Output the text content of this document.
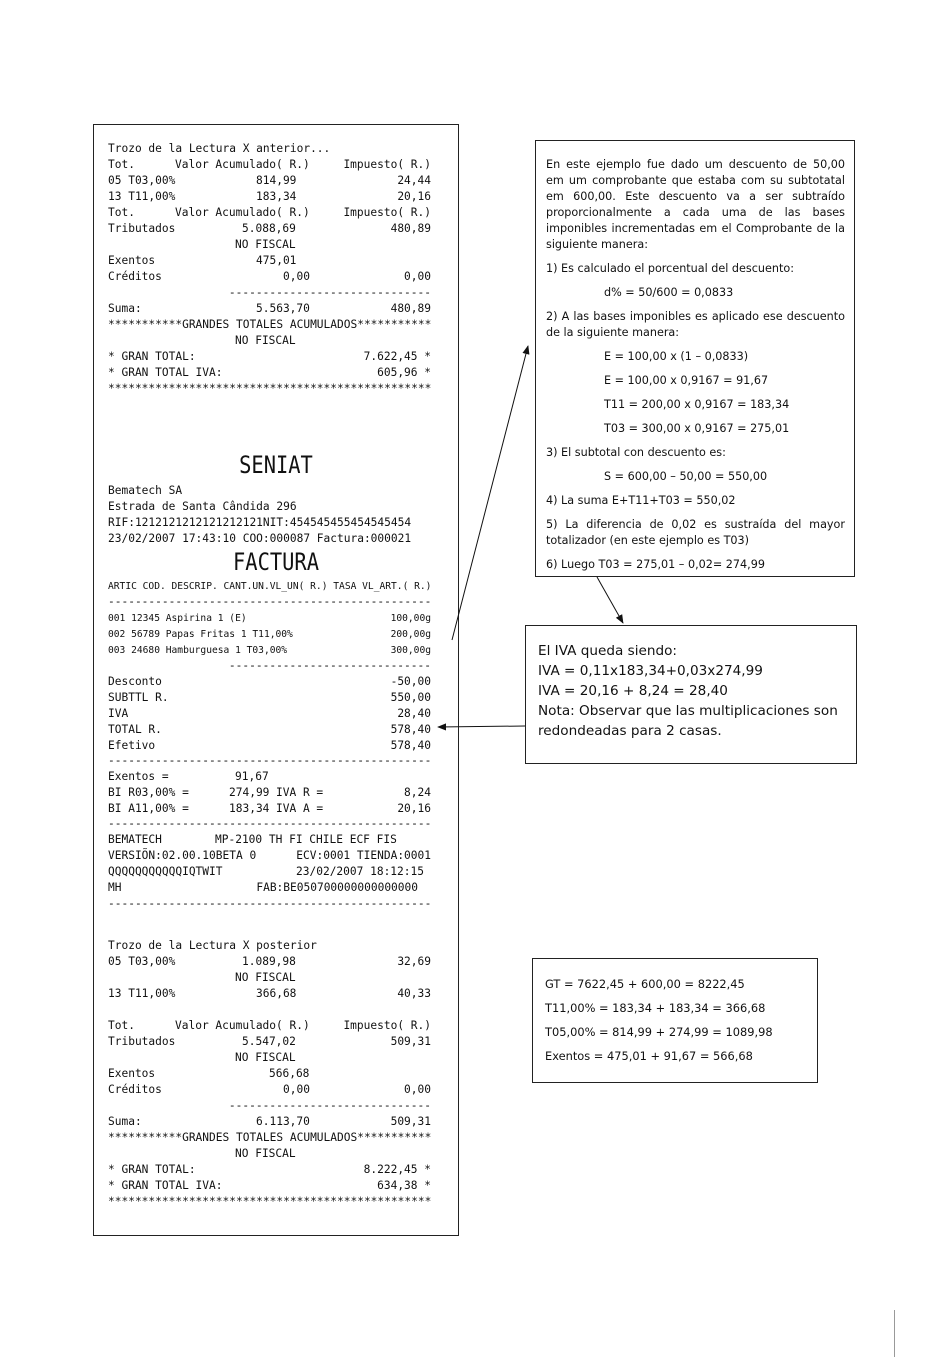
Trozo de la Lectura X anterior...
Tot.	Valor Acumulado( R.)	Impuesto( R.)
05 T03,00%	814,99	24,44
13 T11,00%	183,34	20,16
Tot.	Valor Acumulado( R.)	Impuesto( R.)
Tributados	5.088,69	480,89
NO FISCAL
Exentos	475,01
Créditos	0,00	0,00
------------------------------
Suma:	5.563,70	480,89
***********GRANDES TOTALES ACUMULADOS***********
NO FISCAL
* GRAN TOTAL:	7.622,45 *
* GRAN TOTAL IVA:	605,96 *
************************************************
SENIAT
Bematech SA
Estrada de Santa Cândida 296
RIF:1212121212121212121NIT:454545455454545454
23/02/2007 17:43:10 COO:000087 Factura:000021
FACTURA
ARTIC COD. DESCRIP. CANT.UN.VL_UN( R.) TASA VL_ART.( R.)
------------------------------------------------
001 12345 Aspirina 1 (E)	100,00g
002 56789 Papas Fritas 1 T11,00%	200,00g
003 24680 Hamburguesa 1 T03,00%	300,00g
------------------------------
Desconto	-50,00
SUBTTL R.	550,00
IVA	28,40
TOTAL R.	578,40
Efetivo	578,40
------------------------------------------------
Exentos =	91,67
BI R03,00% =	274,99 IVA R =	8,24
BI A11,00% =	183,34 IVA A =	20,16
------------------------------------------------
BEMATECH	MP-2100 TH FI CHILE ECF FIS
VERSIÕN:02.00.10BETA 0	ECV:0001 TIENDA:0001
QQQQQQQQQQQIQTWIT	23/02/2007 18:12:15
MH	FAB:BE050700000000000000
------------------------------------------------
Trozo de la Lectura X posterior
05 T03,00%	1.089,98	32,69
NO FISCAL
13 T11,00%	366,68	40,33
Tot.	Valor Acumulado( R.)	Impuesto( R.)
Tributados	5.547,02	509,31
NO FISCAL
Exentos	566,68
Créditos	0,00	0,00
------------------------------
Suma:	6.113,70	509,31
***********GRANDES TOTALES ACUMULADOS***********
NO FISCAL
* GRAN TOTAL:	8.222,45 *
* GRAN TOTAL IVA:	634,38 *
************************************************

En este ejemplo fue dado um descuento de 50,00 em um comprobante que estaba com su subtotatal em 600,00. Este descuento va a ser subtraído proporcionalmente a cada uma de las bases imponibles incrementadas em el Comprobante de la siguiente manera:

1) Es calculado el porcentual del descuento:

d% = 50/600 = 0,0833

2) A las bases imponibles es aplicado ese descuento de la siguiente manera:

E = 100,00 x (1 – 0,0833)

E = 100,00 x 0,9167 = 91,67

T11 = 200,00 x 0,9167 = 183,34

T03 = 300,00 x 0,9167 = 275,01

3) El subtotal con descuento es:

S = 600,00 – 50,00 = 550,00

4) La suma E+T11+T03 = 550,02

5) La diferencia de 0,02 es sustraída del mayor totalizador (en este ejemplo es T03)

6) Luego T03 = 275,01 – 0,02= 274,99

El IVA queda siendo:

IVA = 0,11x183,34+0,03x274,99

IVA = 20,16 + 8,24 = 28,40

Nota: Observar que las multiplicaciones son redondeadas para 2 casas.

GT = 7622,45 + 600,00 = 8222,45

T11,00% = 183,34 + 183,34 = 366,68

T05,00% = 814,99 + 274,99 = 1089,98

Exentos = 475,01 + 91,67 = 566,68
